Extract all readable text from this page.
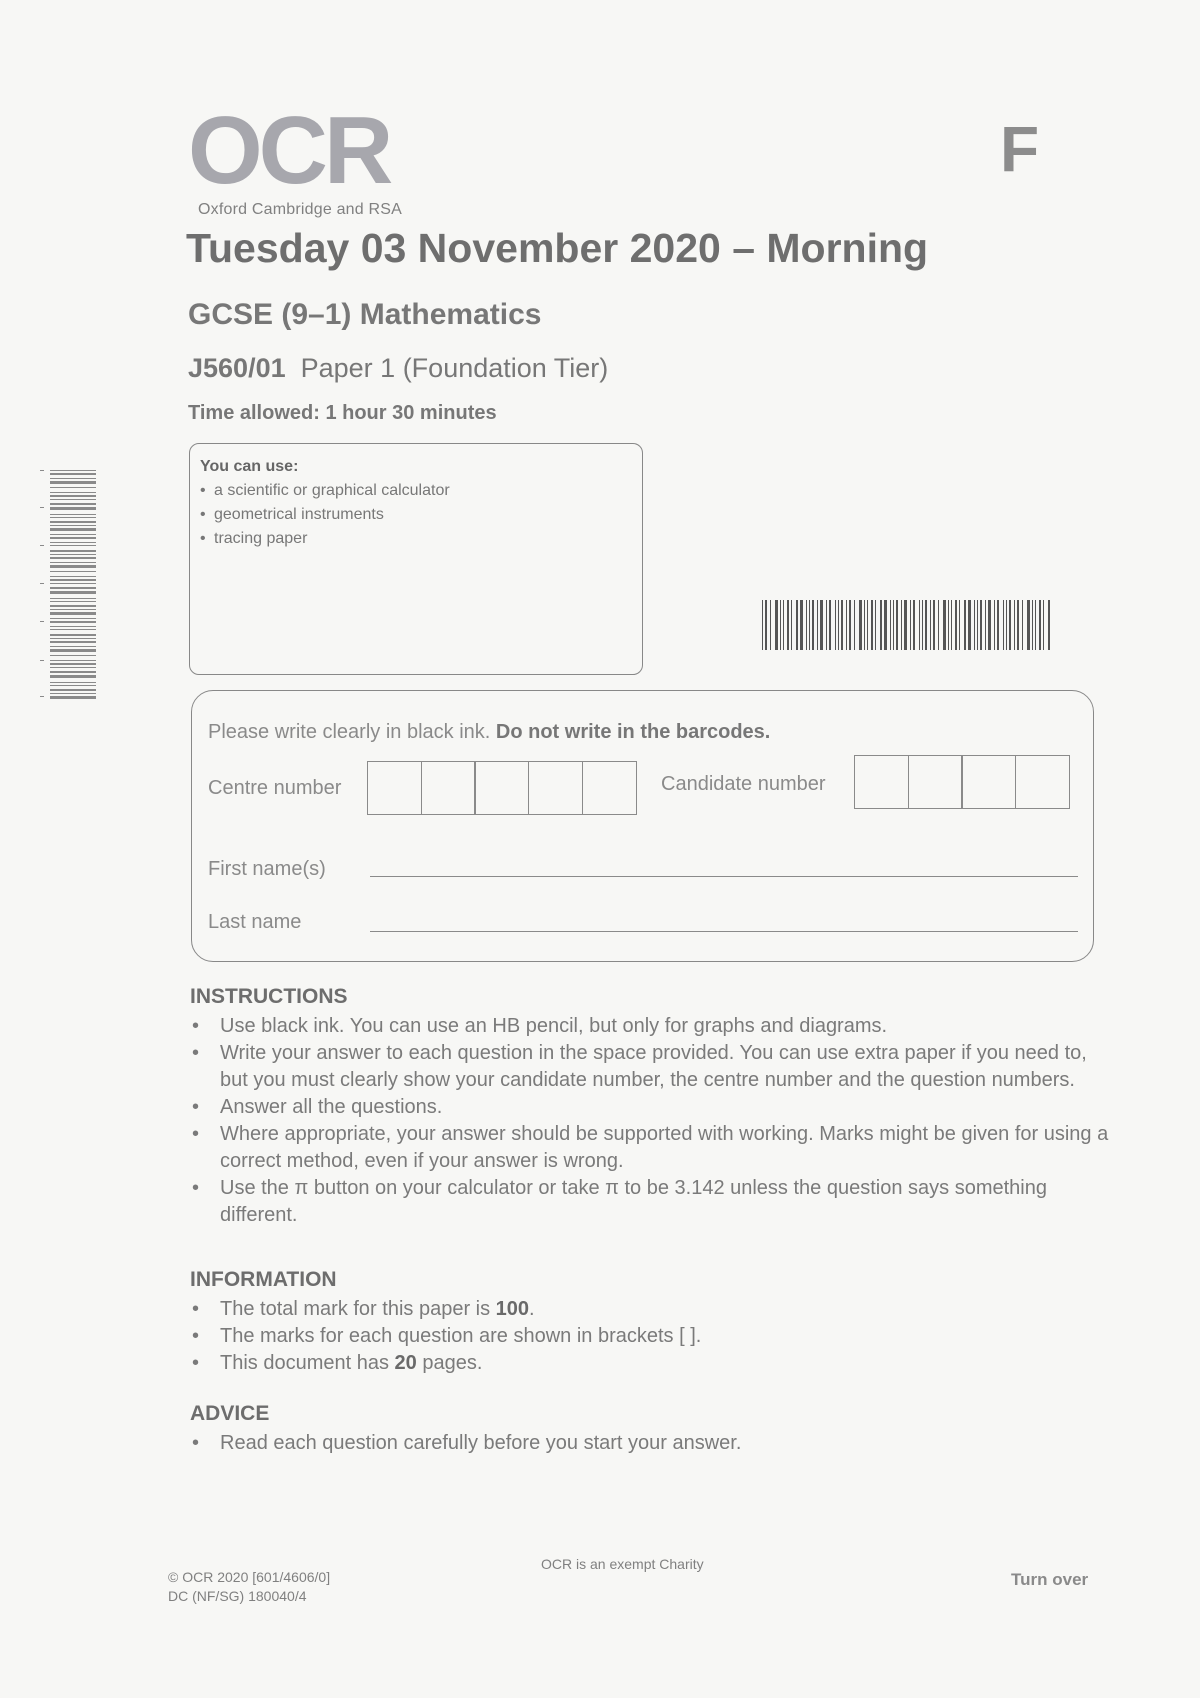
OCR
Oxford Cambridge and RSA
F
Tuesday 03 November 2020 – Morning
GCSE (9–1) Mathematics
J560/01 Paper 1 (Foundation Tier)
Time allowed: 1 hour 30 minutes
You can use:
• a scientific or graphical calculator
• geometrical instruments
• tracing paper
Please write clearly in black ink. Do not write in the barcodes.
Centre number	Candidate number
First name(s)
Last name
INSTRUCTIONS
• Use black ink. You can use an HB pencil, but only for graphs and diagrams.
• Write your answer to each question in the space provided. You can use extra paper if you need to, but you must clearly show your candidate number, the centre number and the question numbers.
• Answer all the questions.
• Where appropriate, your answer should be supported with working. Marks might be given for using a correct method, even if your answer is wrong.
• Use the π button on your calculator or take π to be 3.142 unless the question says something different.
INFORMATION
• The total mark for this paper is 100.
• The marks for each question are shown in brackets [ ].
• This document has 20 pages.
ADVICE
• Read each question carefully before you start your answer.
© OCR 2020 [601/4606/0]
DC (NF/SG) 180040/4
OCR is an exempt Charity
Turn over
